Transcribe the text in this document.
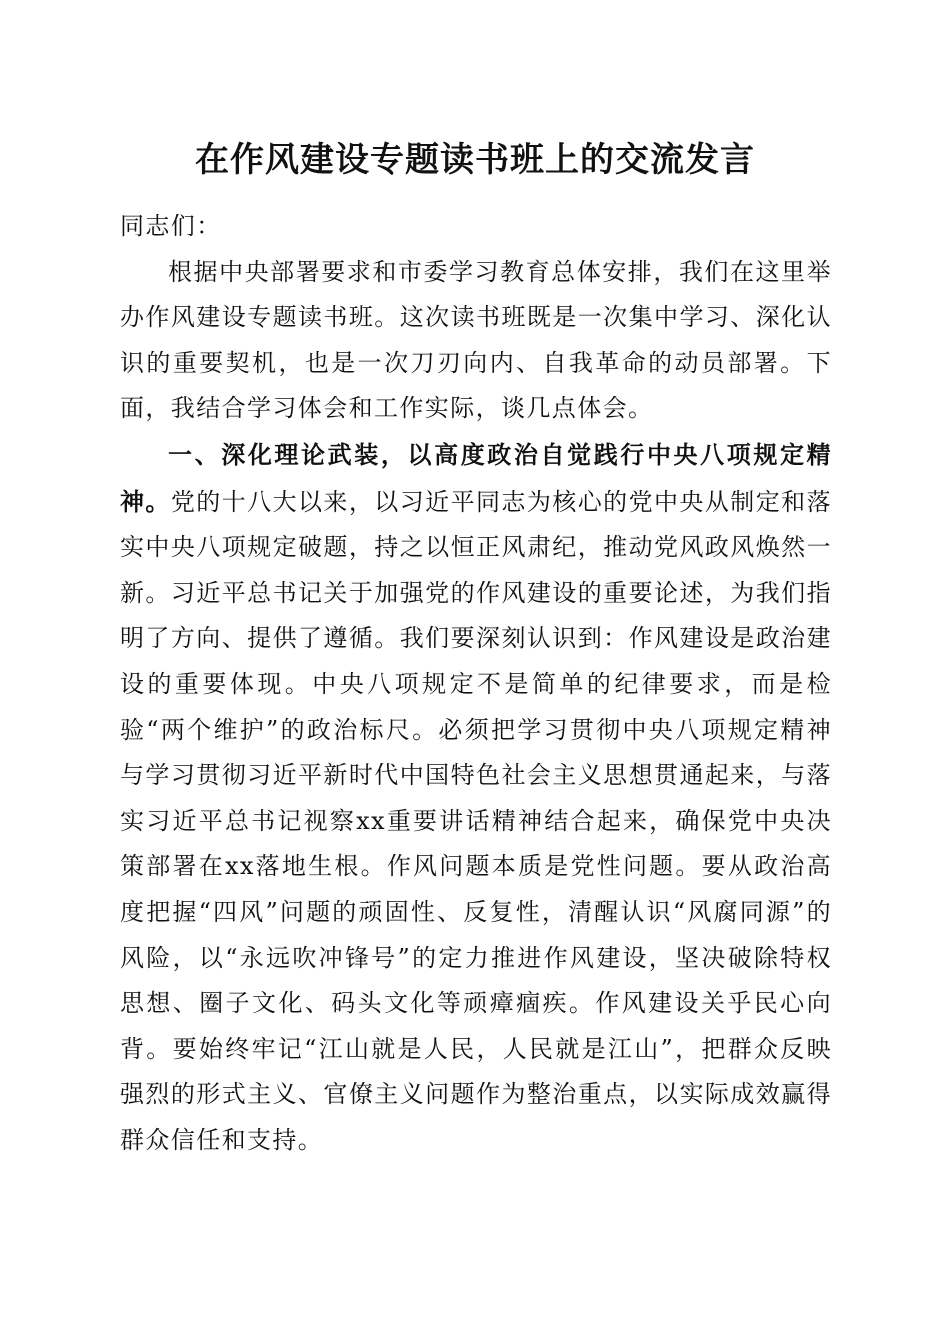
在作风建设专题读书班上的交流发言

同志们：

根据中央部署要求和市委学习教育总体安排，我们在这里举办作风建设专题读书班。这次读书班既是一次集中学习、深化认识的重要契机，也是一次刀刃向内、自我革命的动员部署。下面，我结合学习体会和工作实际，谈几点体会。

一、深化理论武装，以高度政治自觉践行中央八项规定精神。党的十八大以来，以习近平同志为核心的党中央从制定和落实中央八项规定破题，持之以恒正风肃纪，推动党风政风焕然一新。习近平总书记关于加强党的作风建设的重要论述，为我们指明了方向、提供了遵循。我们要深刻认识到：作风建设是政治建设的重要体现。中央八项规定不是简单的纪律要求，而是检验“两个维护”的政治标尺。必须把学习贯彻中央八项规定精神与学习贯彻习近平新时代中国特色社会主义思想贯通起来，与落实习近平总书记视察xx重要讲话精神结合起来，确保党中央决策部署在xx落地生根。作风问题本质是党性问题。要从政治高度把握“四风”问题的顽固性、反复性，清醒认识“风腐同源”的风险，以“永远吹冲锋号”的定力推进作风建设，坚决破除特权思想、圈子文化、码头文化等顽瘴痼疾。作风建设关乎民心向背。要始终牢记“江山就是人民，人民就是江山”，把群众反映强烈的形式主义、官僚主义问题作为整治重点，以实际成效赢得群众信任和支持。
